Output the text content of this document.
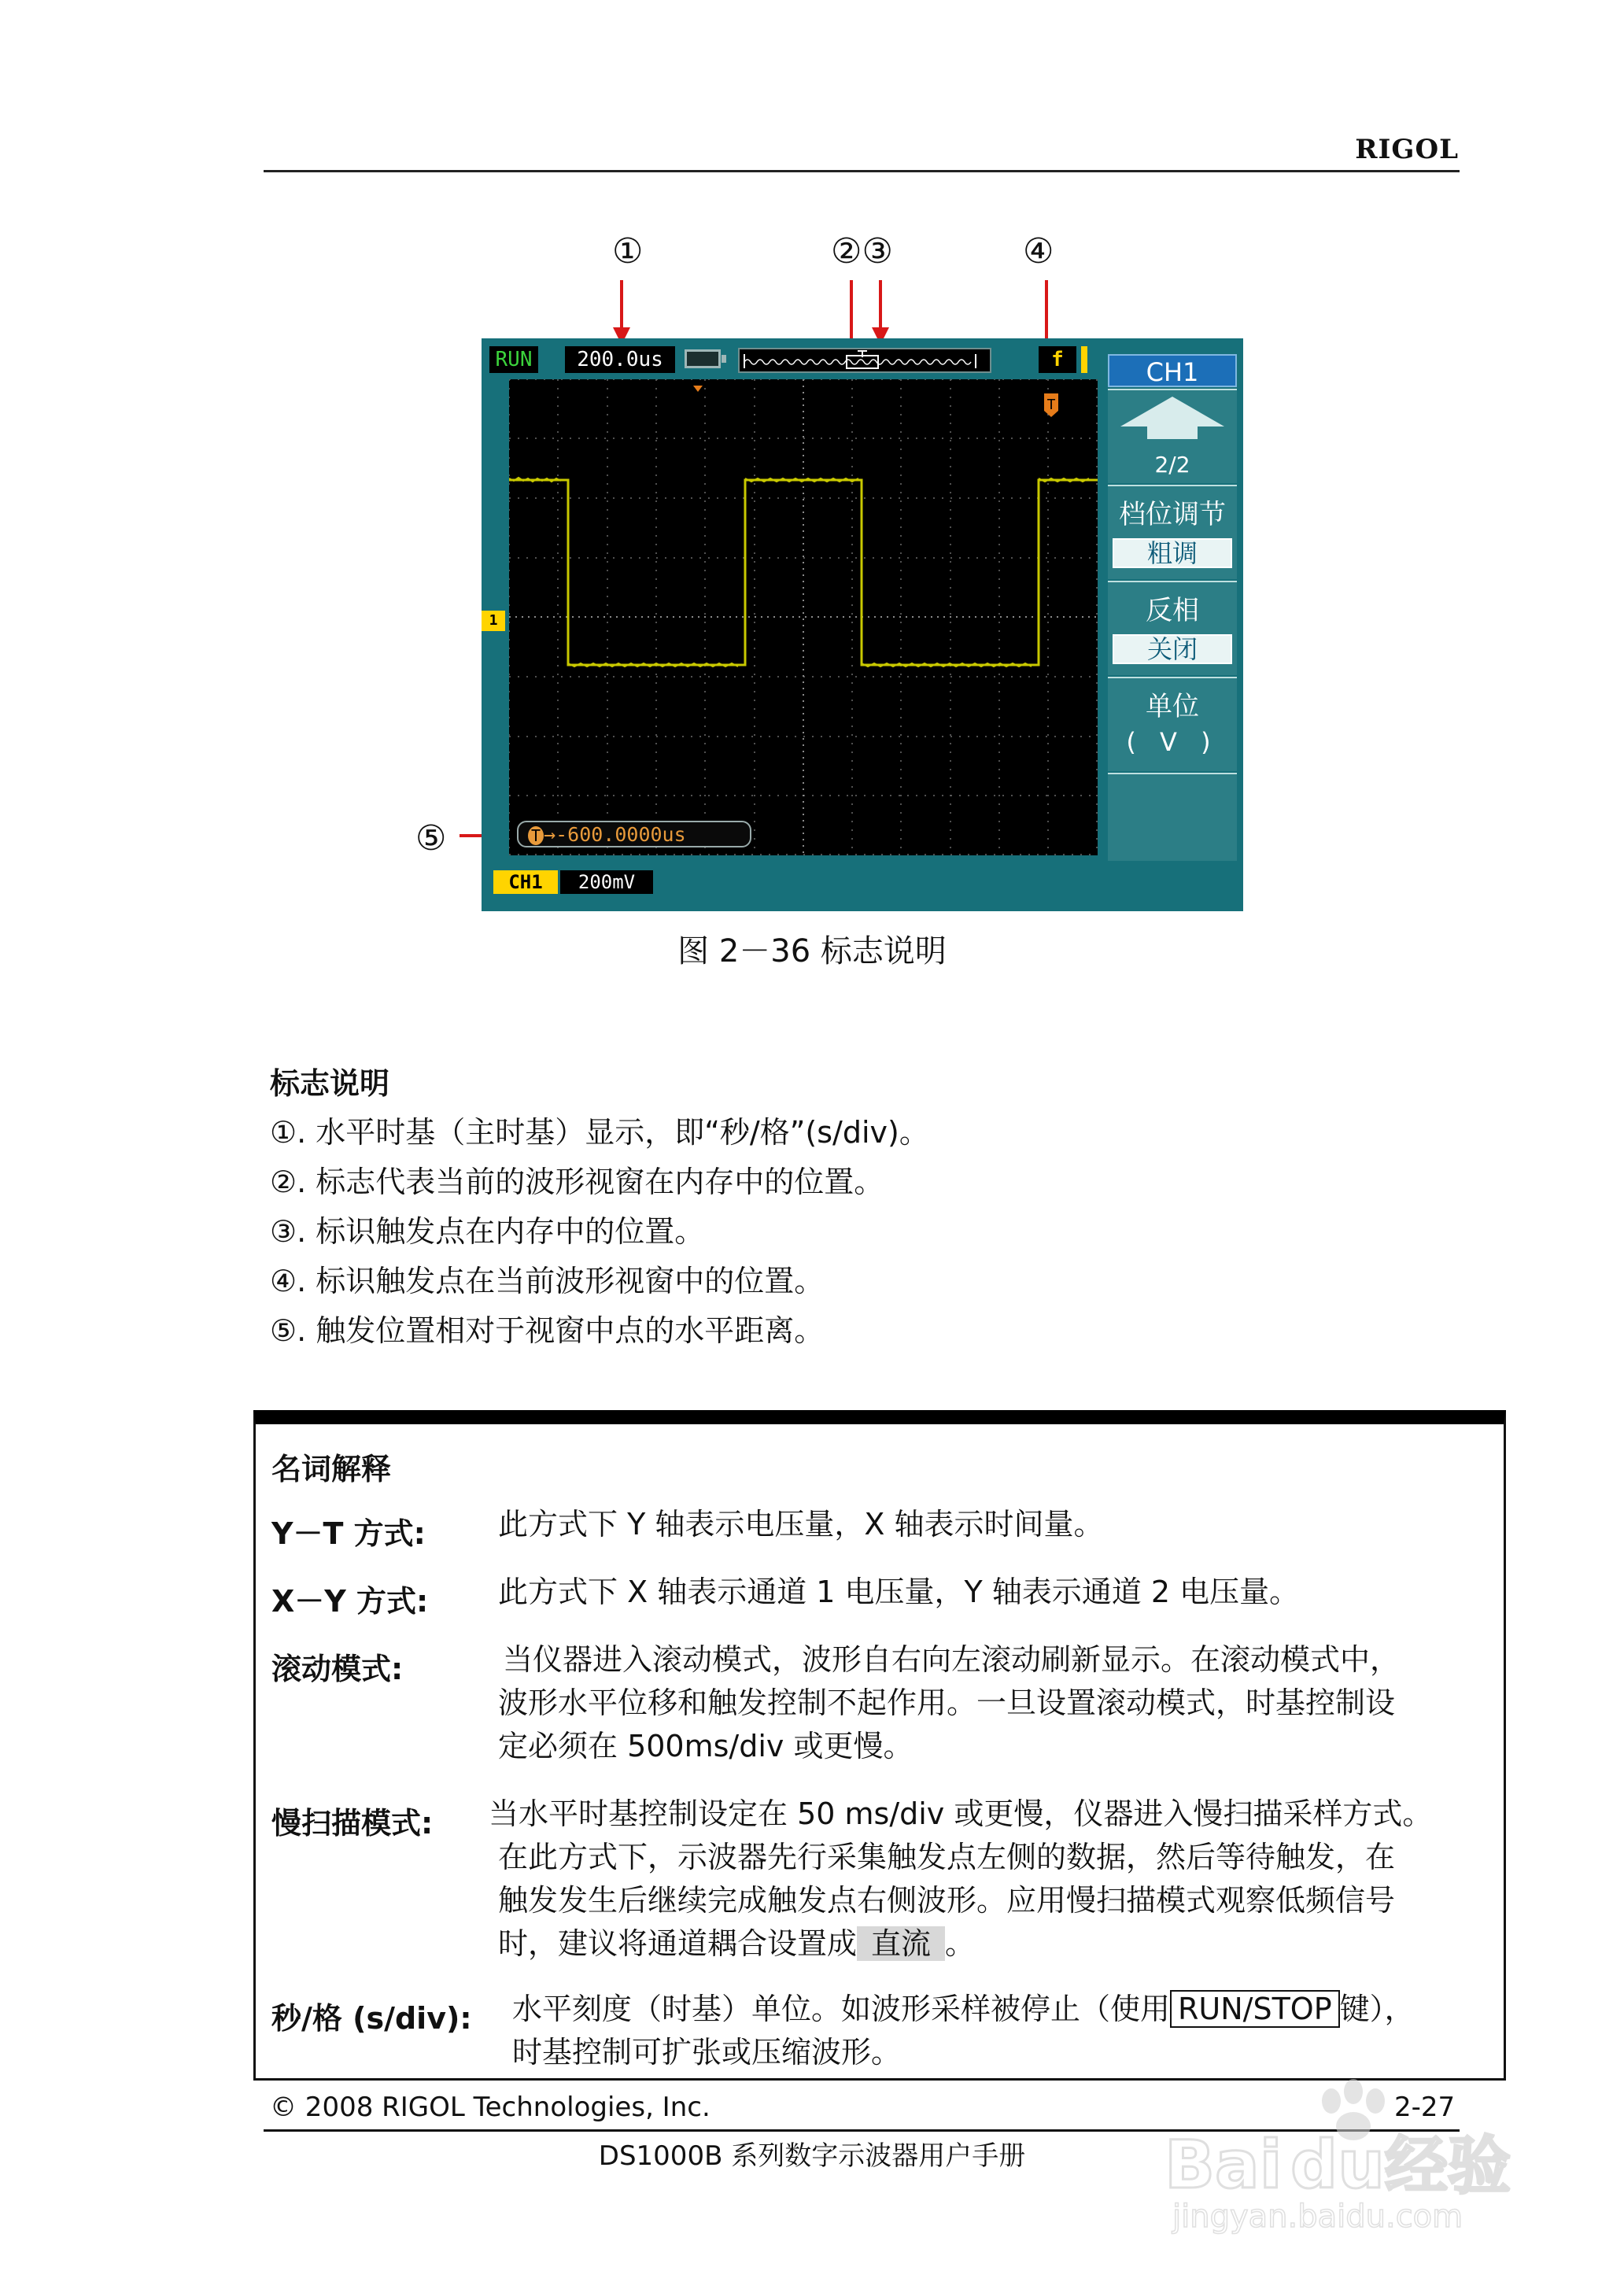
RIGOL
①	②③	④
⑤
RUN	200.0us	f
T
1
T →-600.0000us
CH1	200mV
CH1
2/2
档位调节
粗调
反相
关闭
单位
( V )
图 2－36 标志说明
标志说明
①. 水平时基（主时基）显示，即“秒/格”(s/div)。
②. 标志代表当前的波形视窗在内存中的位置。
③. 标识触发点在内存中的位置。
④. 标识触发点在当前波形视窗中的位置。
⑤. 触发位置相对于视窗中点的水平距离。
名词解释
Y－T 方式: 此方式下 Y 轴表示电压量，X 轴表示时间量。
X－Y 方式: 此方式下 X 轴表示通道 1 电压量，Y 轴表示通道 2 电压量。
滚动模式:	当仪器进入滚动模式，波形自右向左滚动刷新显示。在滚动模式中，
波形水平位移和触发控制不起作用。一旦设置滚动模式，时基控制设
定必须在 500ms/div 或更慢。
慢扫描模式: 当水平时基控制设定在 50 ms/div 或更慢，仪器进入慢扫描采样方式。
在此方式下，示波器先行采集触发点左侧的数据，然后等待触发，在
触发发生后继续完成触发点右侧波形。应用慢扫描模式观察低频信号
时，建议将通道耦合设置成 直流 。
秒/格 (s/div): 水平刻度（时基）单位。如波形采样被停止（使用 RUN/STOP 键），
时基控制可扩张或压缩波形。
© 2008 RIGOL Technologies, Inc.	2-27
DS1000B 系列数字示波器用户手册	Bai du 经验
jingyan.baidu.com
